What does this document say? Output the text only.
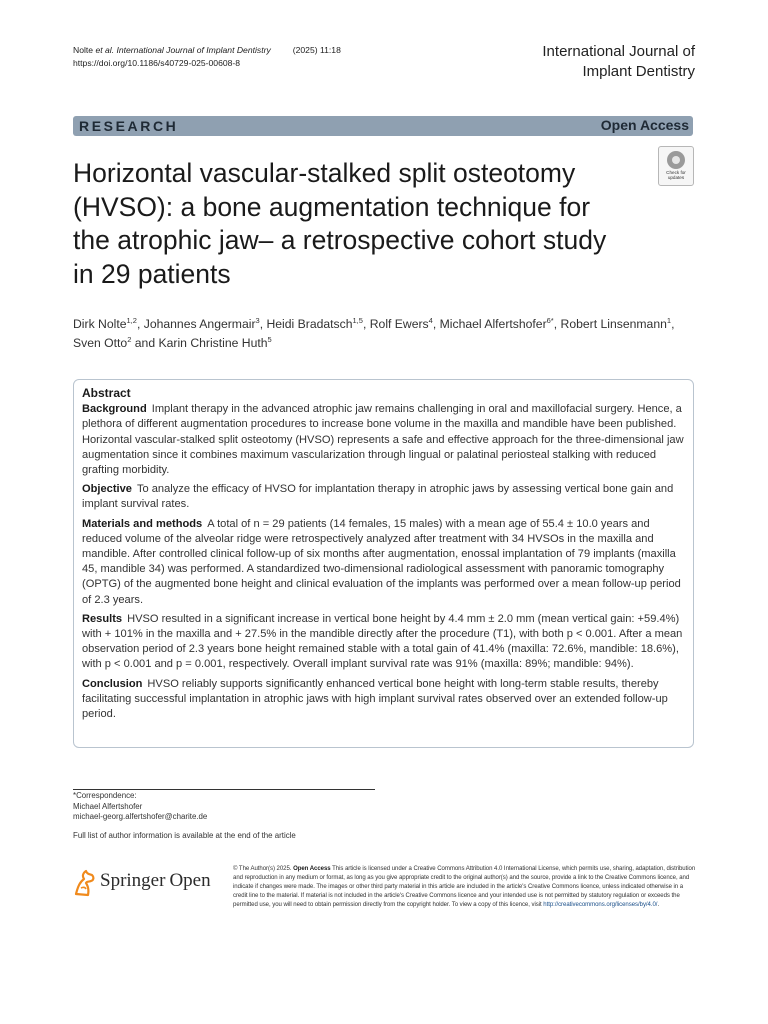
Nolte et al. International Journal of Implant Dentistry	(2025) 11:18
https://doi.org/10.1186/s40729-025-00608-8
International Journal of
Implant Dentistry
RESEARCH	Open Access
Horizontal vascular-stalked split osteotomy (HVSO): a bone augmentation technique for the atrophic jaw– a retrospective cohort study in 29 patients
Check for
updates
Dirk Nolte$^{1,2}$, Johannes Angermair$^3$, Heidi Bradatsch$^{1,5}$, Rolf Ewers$^4$, Michael Alfertshofer$^{6*}$, Robert Linsenmann$^1$, Sven Otto$^2$ and Karin Christine Huth$^5$
Abstract

Background Implant therapy in the advanced atrophic jaw remains challenging in oral and maxillofacial surgery. Hence, a plethora of different augmentation procedures to increase bone volume in the maxilla and mandible have been published. Horizontal vascular-stalked split osteotomy (HVSO) represents a safe and effective approach for the three-dimensional jaw augmentation since it combines maximum vascularization through lingual or palatinal periosteal stalking with reduced grafting morbidity.

Objective To analyze the efficacy of HVSO for implantation therapy in atrophic jaws by assessing vertical bone gain and implant survival rates.

Materials and methods A total of n = 29 patients (14 females, 15 males) with a mean age of 55.4 ± 10.0 years and reduced volume of the alveolar ridge were retrospectively analyzed after treatment with 34 HVSOs in the maxilla and mandible. After controlled clinical follow-up of six months after augmentation, enossal implantation of 79 implants (maxilla 45, mandible 34) was performed. A standardized two-dimensional radiological assessment with panoramic tomography (OPTG) of the augmented bone height and clinical evaluation of the implants was performed over a mean follow-up period of 2.3 years.

Results HVSO resulted in a significant increase in vertical bone height by 4.4 mm ± 2.0 mm (mean vertical gain: +59.4%) with + 101% in the maxilla and + 27.5% in the mandible directly after the procedure (T1), with both p < 0.001. After a mean observation period of 2.3 years bone height remained stable with a total gain of 41.4% (maxilla: 72.6%, mandible: 18.6%), with p < 0.001 and p = 0.001, respectively. Overall implant survival rate was 91% (maxilla: 89%; mandible: 94%).

Conclusion HVSO reliably supports significantly enhanced vertical bone height with long-term stable results, thereby facilitating successful implantation in atrophic jaws with high implant survival rates observed over an extended follow-up period.

*Correspondence:
Michael Alfertshofer
michael-georg.alfertshofer@charite.de
Full list of author information is available at the end of the article
Springer Open
© The Author(s) 2025. Open Access This article is licensed under a Creative Commons Attribution 4.0 International License, which permits use, sharing, adaptation, distribution and reproduction in any medium or format, as long as you give appropriate credit to the original author(s) and the source, provide a link to the Creative Commons licence, and indicate if changes were made. The images or other third party material in this article are included in the article's Creative Commons licence, unless indicated otherwise in a credit line to the material. If material is not included in the article's Creative Commons licence and your intended use is not permitted by statutory regulation or exceeds the permitted use, you will need to obtain permission directly from the copyright holder. To view a copy of this licence, visit http://creativecommons.org/licenses/by/4.0/.
